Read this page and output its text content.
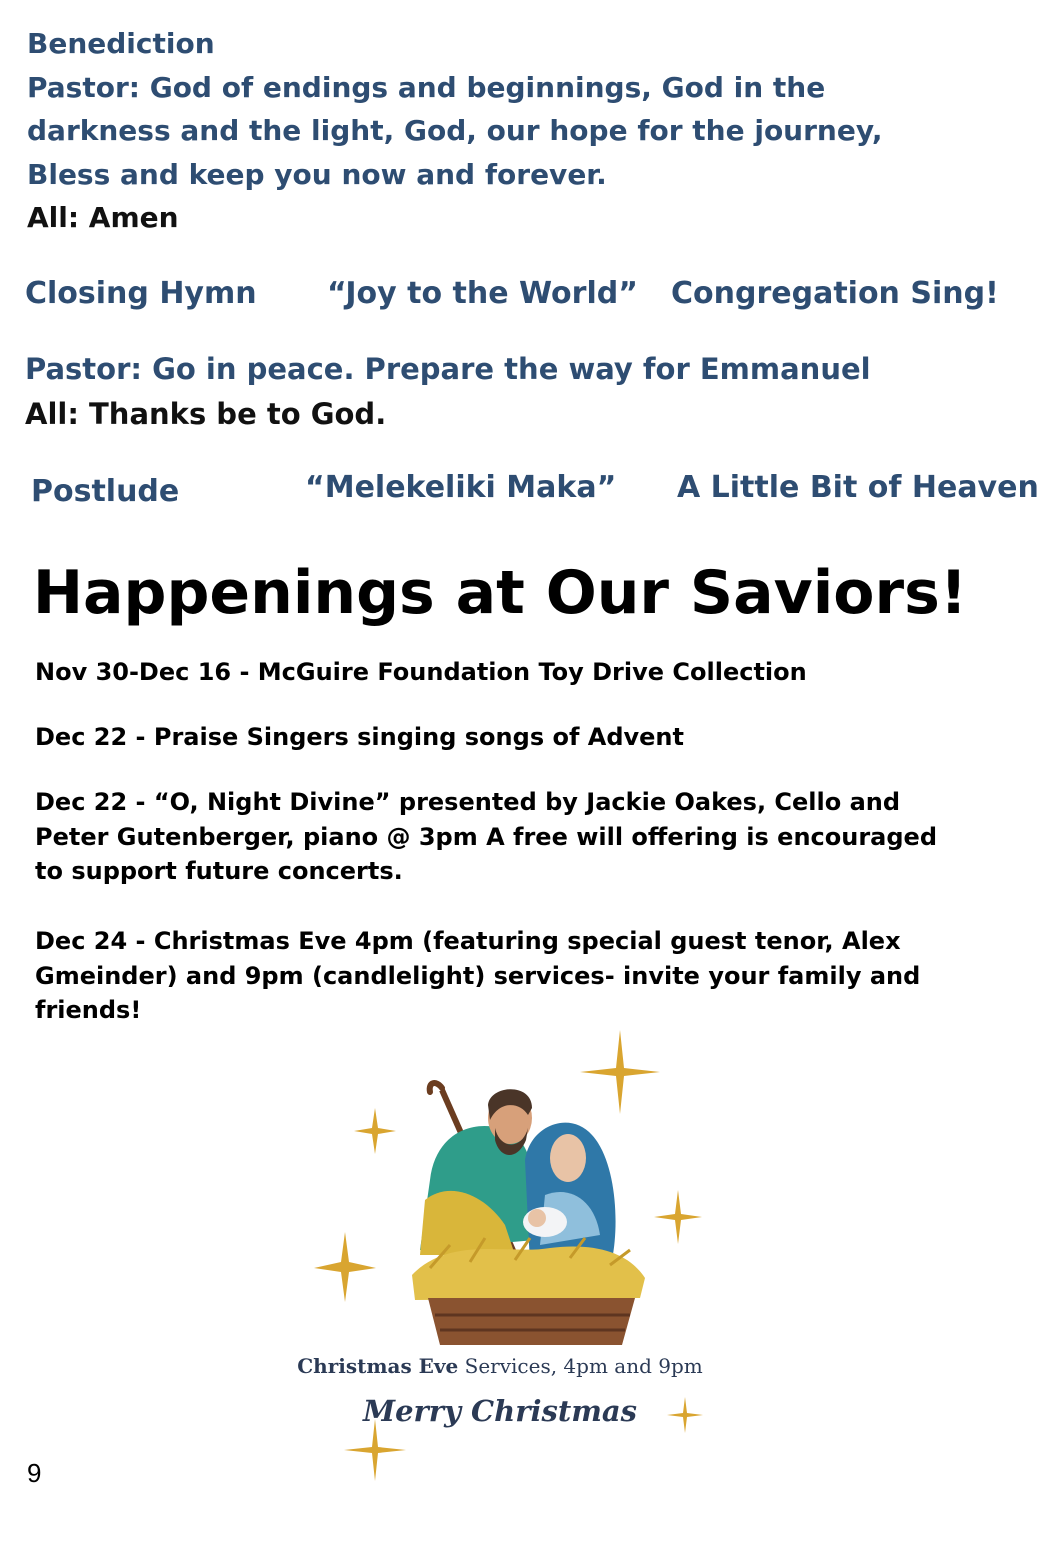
Benediction
Pastor: God of endings and beginnings, God in the darkness and the light, God, our hope for the journey, Bless and keep you now and forever.
All: Amen
Closing Hymn “Joy to the World” Congregation Sing!
Pastor: Go in peace. Prepare the way for Emmanuel
All: Thanks be to God.
Postlude	“Melekeliki Maka” A Little Bit of Heaven
Happenings at Our Saviors!
Nov 30-Dec 16 - McGuire Foundation Toy Drive Collection
Dec 22 - Praise Singers singing songs of Advent
Dec 22 - “O, Night Divine” presented by Jackie Oakes, Cello and Peter Gutenberger, piano @ 3pm A free will offering is encouraged to support future concerts.
Dec 24 - Christmas Eve 4pm (featuring special guest tenor, Alex Gmeinder) and 9pm (candlelight) services- invite your family and friends!
Christmas Eve Services, 4pm and 9pm
Merry Christmas
9
